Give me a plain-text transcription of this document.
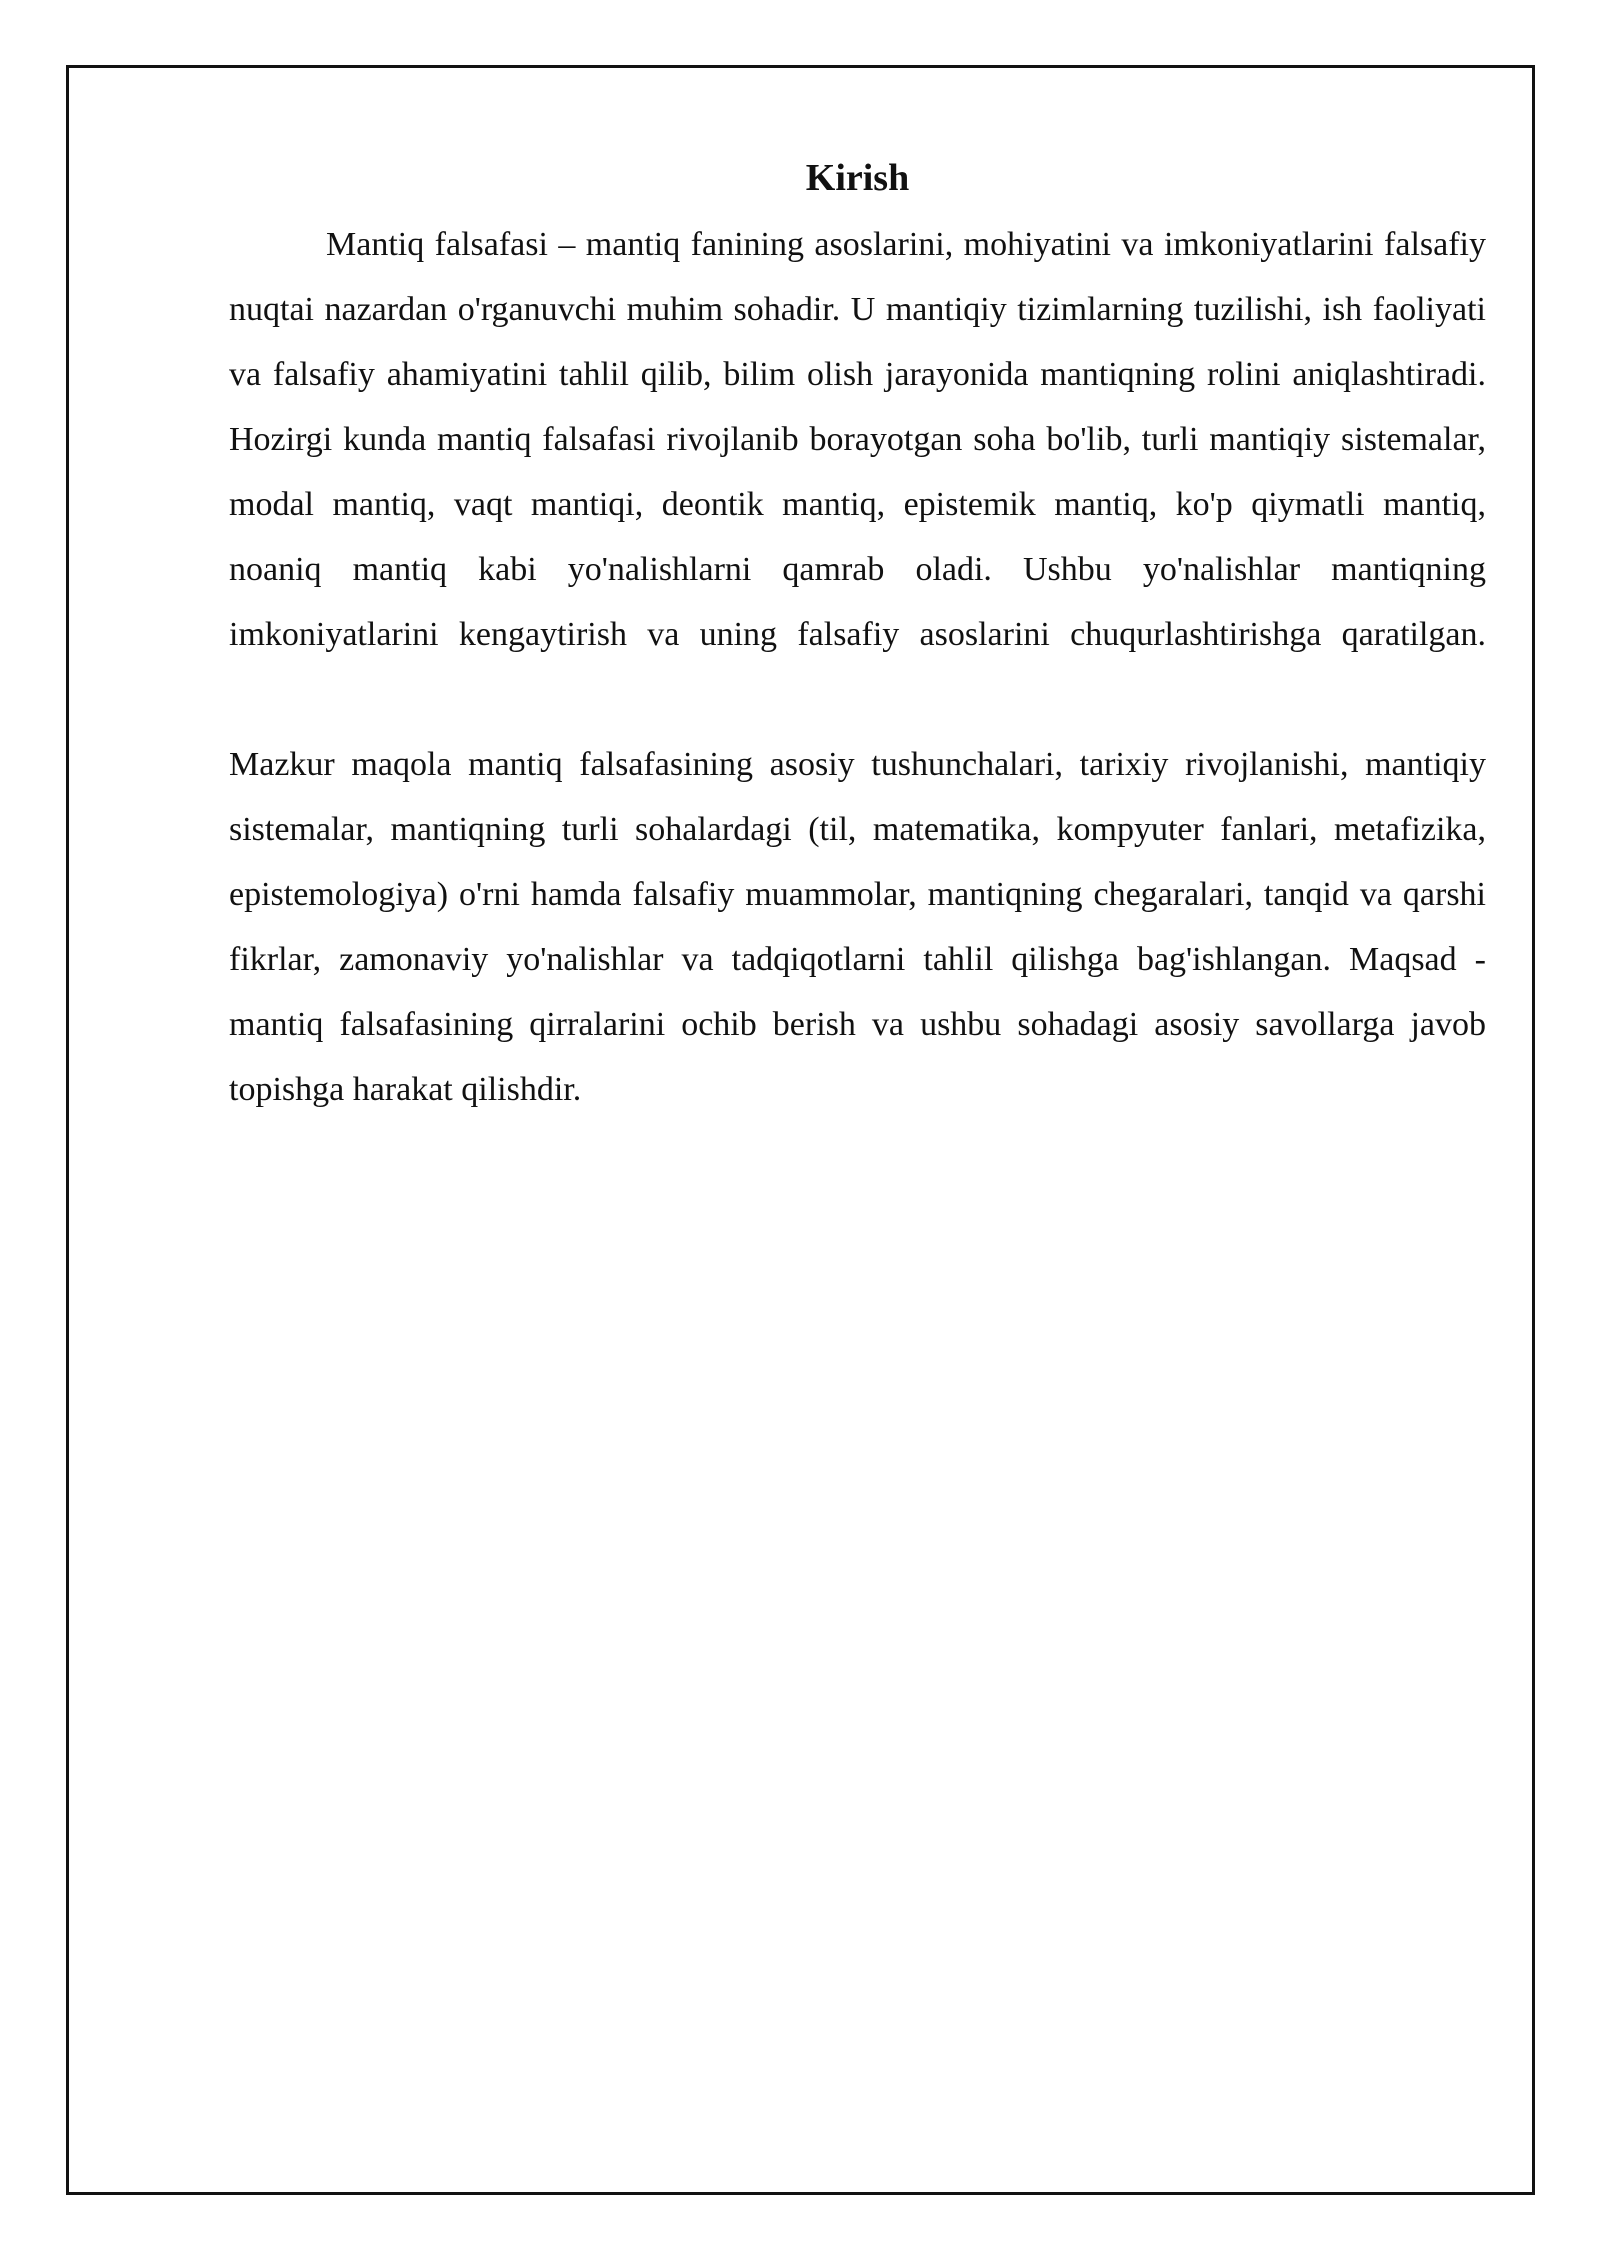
Kirish

Mantiq falsafasi – mantiq fanining asoslarini, mohiyatini va imkoniyatlarini falsafiy nuqtai nazardan o'rganuvchi muhim sohadir. U mantiqiy tizimlarning tuzilishi, ish faoliyati va falsafiy ahamiyatini tahlil qilib, bilim olish jarayonida mantiqning rolini aniqlashtiradi. Hozirgi kunda mantiq falsafasi rivojlanib borayotgan soha bo'lib, turli mantiqiy sistemalar, modal mantiq, vaqt mantiqi, deontik mantiq, epistemik mantiq, ko'p qiymatli mantiq, noaniq mantiq kabi yo'nalishlarni qamrab oladi. Ushbu yo'nalishlar mantiqning imkoniyatlarini kengaytirish va uning falsafiy asoslarini chuqurlashtirishga qaratilgan.

Mazkur maqola mantiq falsafasining asosiy tushunchalari, tarixiy rivojlanishi, mantiqiy sistemalar, mantiqning turli sohalardagi (til, matematika, kompyuter fanlari, metafizika, epistemologiya) o'rni hamda falsafiy muammolar, mantiqning chegaralari, tanqid va qarshi fikrlar, zamonaviy yo'nalishlar va tadqiqotlarni tahlil qilishga bag'ishlangan. Maqsad - mantiq falsafasining qirralarini ochib berish va ushbu sohadagi asosiy savollarga javob topishga harakat qilishdir.
